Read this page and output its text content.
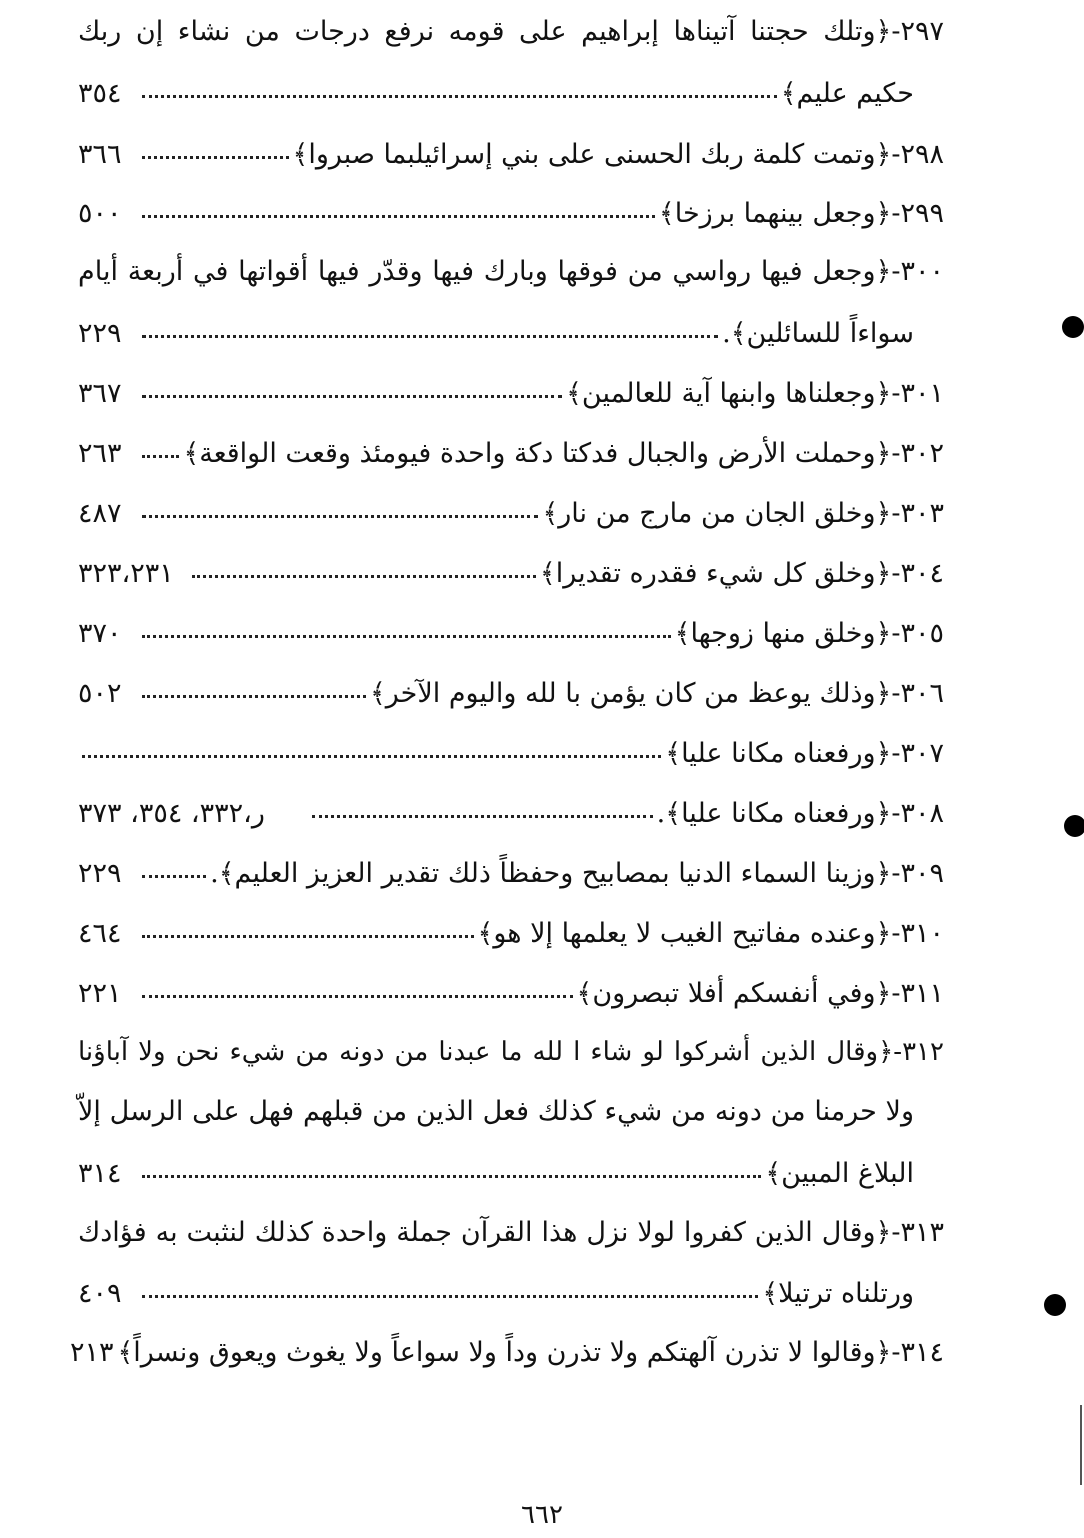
٢٩٧-﴿وتلك حجتنا آتيناها إبراهيم على قومه نرفع درجات من نشاء إن ربك
حكيم عليم﴾
٣٥٤
٢٩٨-﴿وتمت كلمة ربك الحسنى على بني إسرائيلبما صبروا﴾
٣٦٦
٢٩٩-﴿وجعل بينهما برزخا﴾
٥٠٠
٣٠٠-﴿وجعل فيها رواسي من فوقها وبارك فيها وقدّر فيها أقواتها في أربعة أيام
سواءاً للسائلين﴾.
٢٢٩
٣٠١-﴿وجعلناها وابنها آية للعالمين﴾
٣٦٧
٣٠٢-﴿وحملت الأرض والجبال فدكتا دكة واحدة فيومئذ وقعت الواقعة﴾
٢٦٣
٣٠٣-﴿وخلق الجان من مارج من نار﴾
٤٨٧
٣٠٤-﴿وخلق كل شيء فقدره تقديرا﴾
٣٢٣،٢٣١
٣٠٥-﴿وخلق منها زوجها﴾
٣٧٠
٣٠٦-﴿وذلك يوعظ من كان يؤمن با لله واليوم الآخر﴾
٥٠٢
٣٠٧-﴿ورفعناه مكانا عليا﴾
٣٠٨-﴿ورفعناه مكانا عليا﴾.
ر،٣٣٢، ٣٥٤، ٣٧٣
٣٠٩-﴿وزينا السماء الدنيا بمصابيح وحفظاً ذلك تقدير العزيز العليم﴾.
٢٢٩
٣١٠-﴿وعنده مفاتيح الغيب لا يعلمها إلا هو﴾
٤٦٤
٣١١-﴿وفي أنفسكم أفلا تبصرون﴾
٢٢١
٣١٢-﴿وقال الذين أشركوا لو شاء ا لله ما عبدنا من دونه من شيء نحن ولا آباؤنا
ولا حرمنا من دونه من شيء كذلك فعل الذين من قبلهم فهل على الرسل إلاّ
البلاغ المبين﴾
٣١٤
٣١٣-﴿وقال الذين كفروا لولا نزل هذا القرآن جملة واحدة كذلك لنثبت به فؤادك
ورتلناه ترتيلا﴾
٤٠٩
٣١٤-﴿وقالوا لا تذرن آلهتكم ولا تذرن وداً ولا سواعاً ولا يغوث ويعوق ونسراً﴾
٢١٣
٦٦٢
